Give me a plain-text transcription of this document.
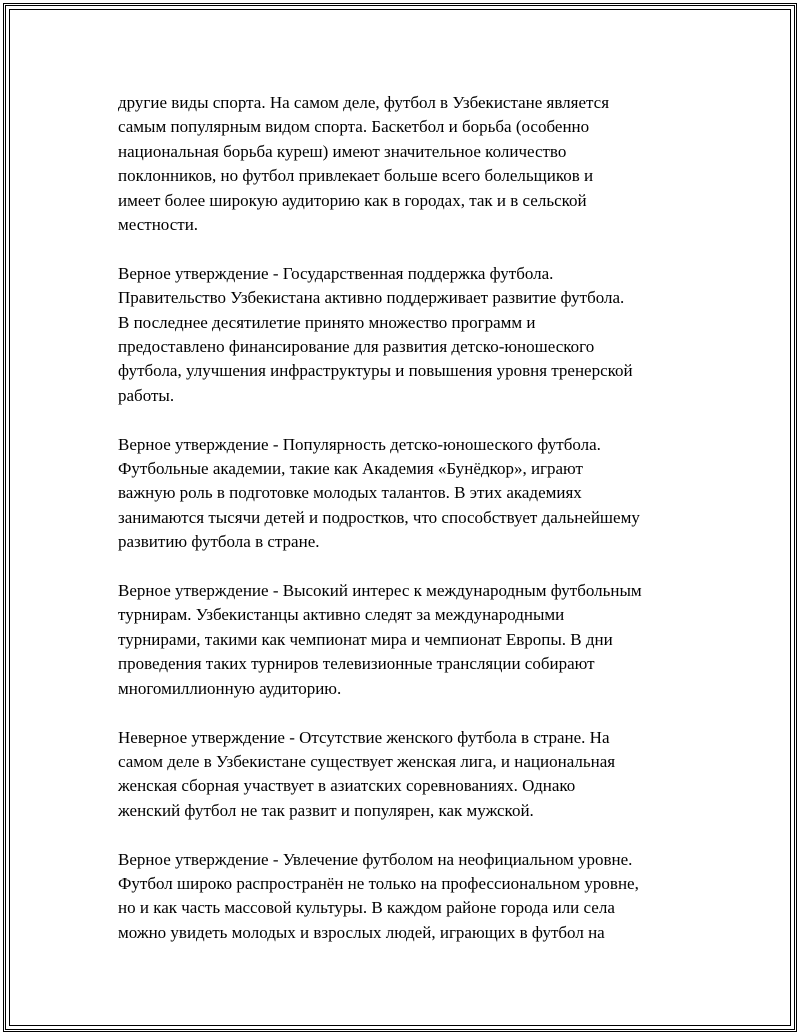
другие виды спорта. На самом деле, футбол в Узбекистане является
самым популярным видом спорта. Баскетбол и борьба (особенно
национальная борьба куреш) имеют значительное количество
поклонников, но футбол привлекает больше всего болельщиков и
имеет более широкую аудиторию как в городах, так и в сельской
местности.

Верное утверждение - Государственная поддержка футбола.
Правительство Узбекистана активно поддерживает развитие футбола.
В последнее десятилетие принято множество программ и
предоставлено финансирование для развития детско-юношеского
футбола, улучшения инфраструктуры и повышения уровня тренерской
работы.

Верное утверждение - Популярность детско-юношеского футбола.
Футбольные академии, такие как Академия «Бунёдкор», играют
важную роль в подготовке молодых талантов. В этих академиях
занимаются тысячи детей и подростков, что способствует дальнейшему
развитию футбола в стране.

Верное утверждение - Высокий интерес к международным футбольным
турнирам. Узбекистанцы активно следят за международными
турнирами, такими как чемпионат мира и чемпионат Европы. В дни
проведения таких турниров телевизионные трансляции собирают
многомиллионную аудиторию.

Неверное утверждение - Отсутствие женского футбола в стране. На
самом деле в Узбекистане существует женская лига, и национальная
женская сборная участвует в азиатских соревнованиях. Однако
женский футбол не так развит и популярен, как мужской.

Верное утверждение - Увлечение футболом на неофициальном уровне.
Футбол широко распространён не только на профессиональном уровне,
но и как часть массовой культуры. В каждом районе города или села
можно увидеть молодых и взрослых людей, играющих в футбол на
